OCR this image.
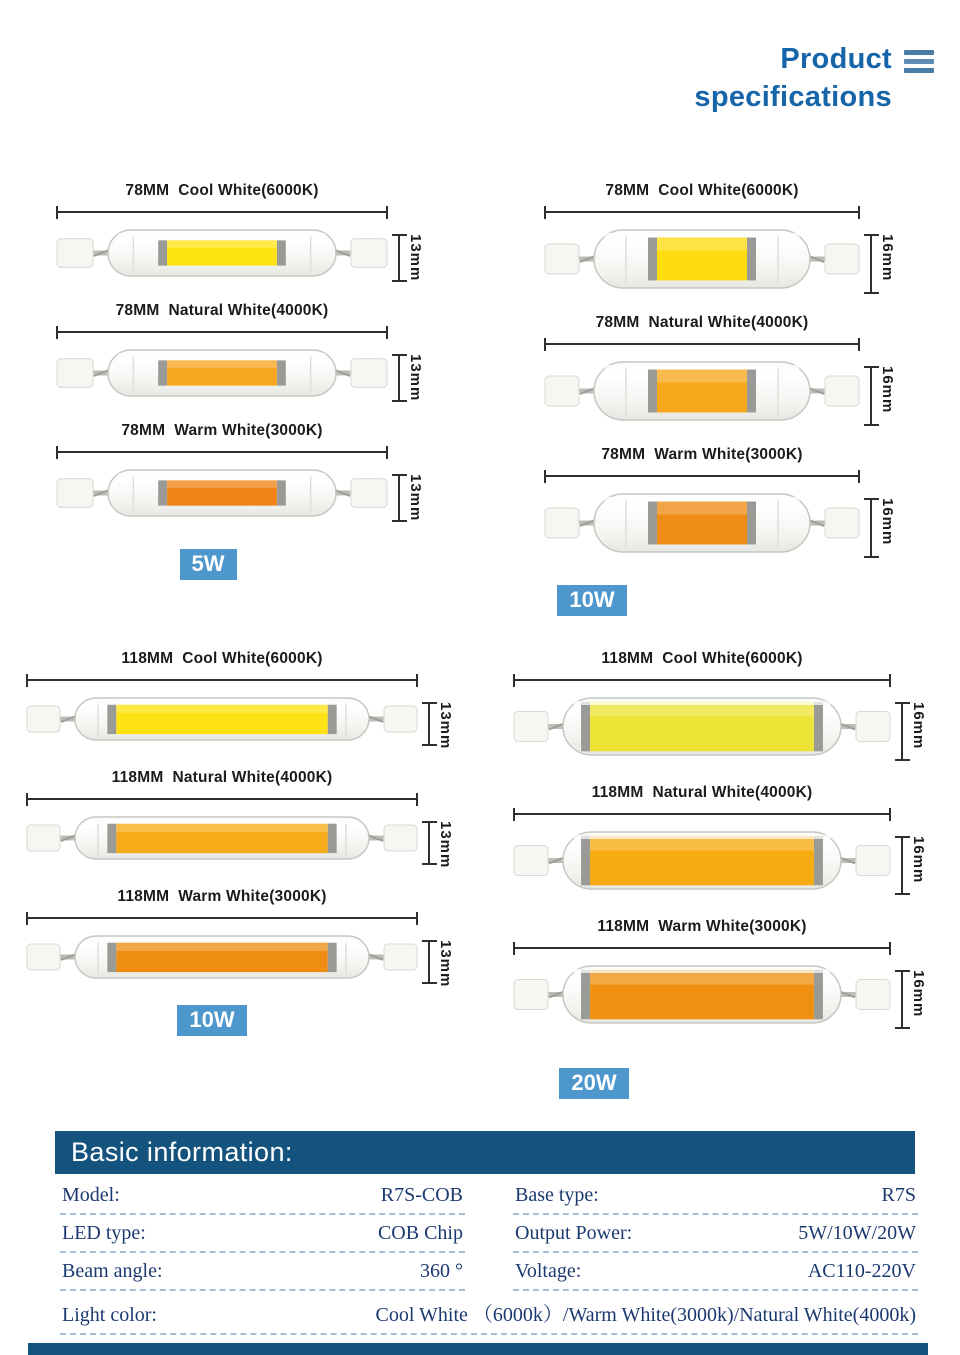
Product
specifications
78MM  Cool White(6000K)
13mm
78MM  Natural White(4000K)
13mm
78MM  Warm White(3000K)
13mm
5W
78MM  Cool White(6000K)
16mm
78MM  Natural White(4000K)
16mm
78MM  Warm White(3000K)
16mm
10W
118MM  Cool White(6000K)
13mm
118MM  Natural White(4000K)
13mm
118MM  Warm White(3000K)
13mm
10W
118MM  Cool White(6000K)
16mm
118MM  Natural White(4000K)
16mm
118MM  Warm White(3000K)
16mm
20W
Basic information:
Model:	R7S-COB	Base type:	R7S
LED type:	COB Chip	Output Power:	5W/10W/20W
Beam angle:	360 °	Voltage:	AC110-220V
Light color:	Cool White （6000k）/Warm White(3000k)/Natural White(4000k)
